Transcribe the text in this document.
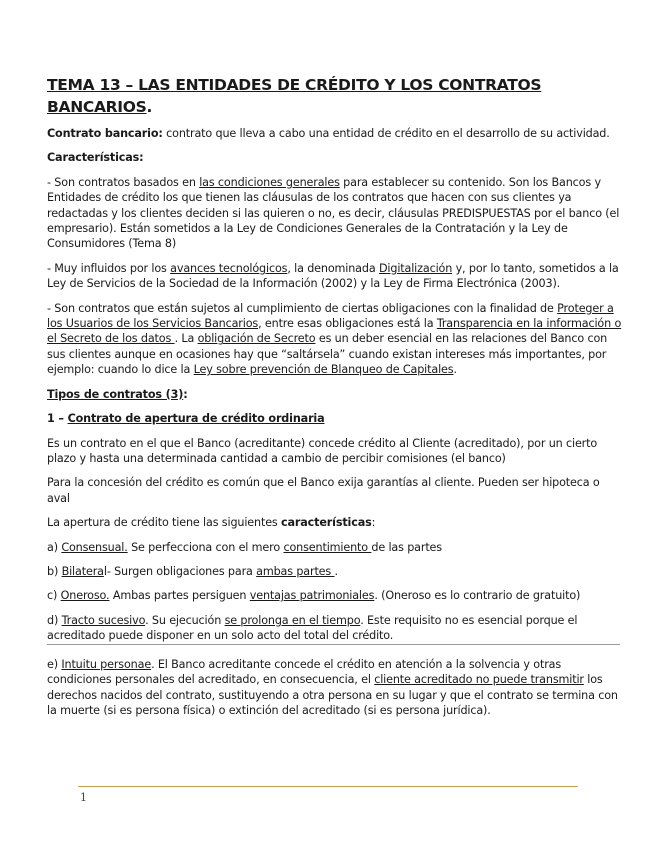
TEMA 13 – LAS ENTIDADES DE CRÉDITO Y LOS CONTRATOS
BANCARIOS.

Contrato bancario: contrato que lleva a cabo una entidad de crédito en el desarrollo de su actividad.

Características:

- Son contratos basados en las condiciones generales para establecer su contenido. Son los Bancos y Entidades de crédito los que tienen las cláusulas de los contratos que hacen con sus clientes ya redactadas y los clientes deciden si las quieren o no, es decir, cláusulas PREDISPUESTAS por el banco (el empresario). Están sometidos a la Ley de Condiciones Generales de la Contratación y la Ley de Consumidores (Tema 8)

- Muy influidos por los avances tecnológicos, la denominada Digitalización y, por lo tanto, sometidos a la Ley de Servicios de la Sociedad de la Información (2002) y la Ley de Firma Electrónica (2003).

- Son contratos que están sujetos al cumplimiento de ciertas obligaciones con la finalidad de Proteger a los Usuarios de los Servicios Bancarios, entre esas obligaciones está la Transparencia en la información o el Secreto de los datos . La obligación de Secreto es un deber esencial en las relaciones del Banco con sus clientes aunque en ocasiones hay que “saltársela” cuando existan intereses más importantes, por ejemplo: cuando lo dice la Ley sobre prevención de Blanqueo de Capitales.

Tipos de contratos (3):

1 – Contrato de apertura de crédito ordinaria

Es un contrato en el que el Banco (acreditante) concede crédito al Cliente (acreditado), por un cierto plazo y hasta una determinada cantidad a cambio de percibir comisiones (el banco)

Para la concesión del crédito es común que el Banco exija garantías al cliente. Pueden ser hipoteca o aval

La apertura de crédito tiene las siguientes características:

a) Consensual. Se perfecciona con el mero consentimiento de las partes

b) Bilateral- Surgen obligaciones para ambas partes .

c) Oneroso. Ambas partes persiguen ventajas patrimoniales. (Oneroso es lo contrario de gratuito)

d) Tracto sucesivo. Su ejecución se prolonga en el tiempo. Este requisito no es esencial porque el acreditado puede disponer en un solo acto del total del crédito.

e) Intuitu personae. El Banco acreditante concede el crédito en atención a la solvencia y otras condiciones personales del acreditado, en consecuencia, el cliente acreditado no puede transmitir los derechos nacidos del contrato, sustituyendo a otra persona en su lugar y que el contrato se termina con la muerte (si es persona física) o extinción del acreditado (si es persona jurídica).

1
